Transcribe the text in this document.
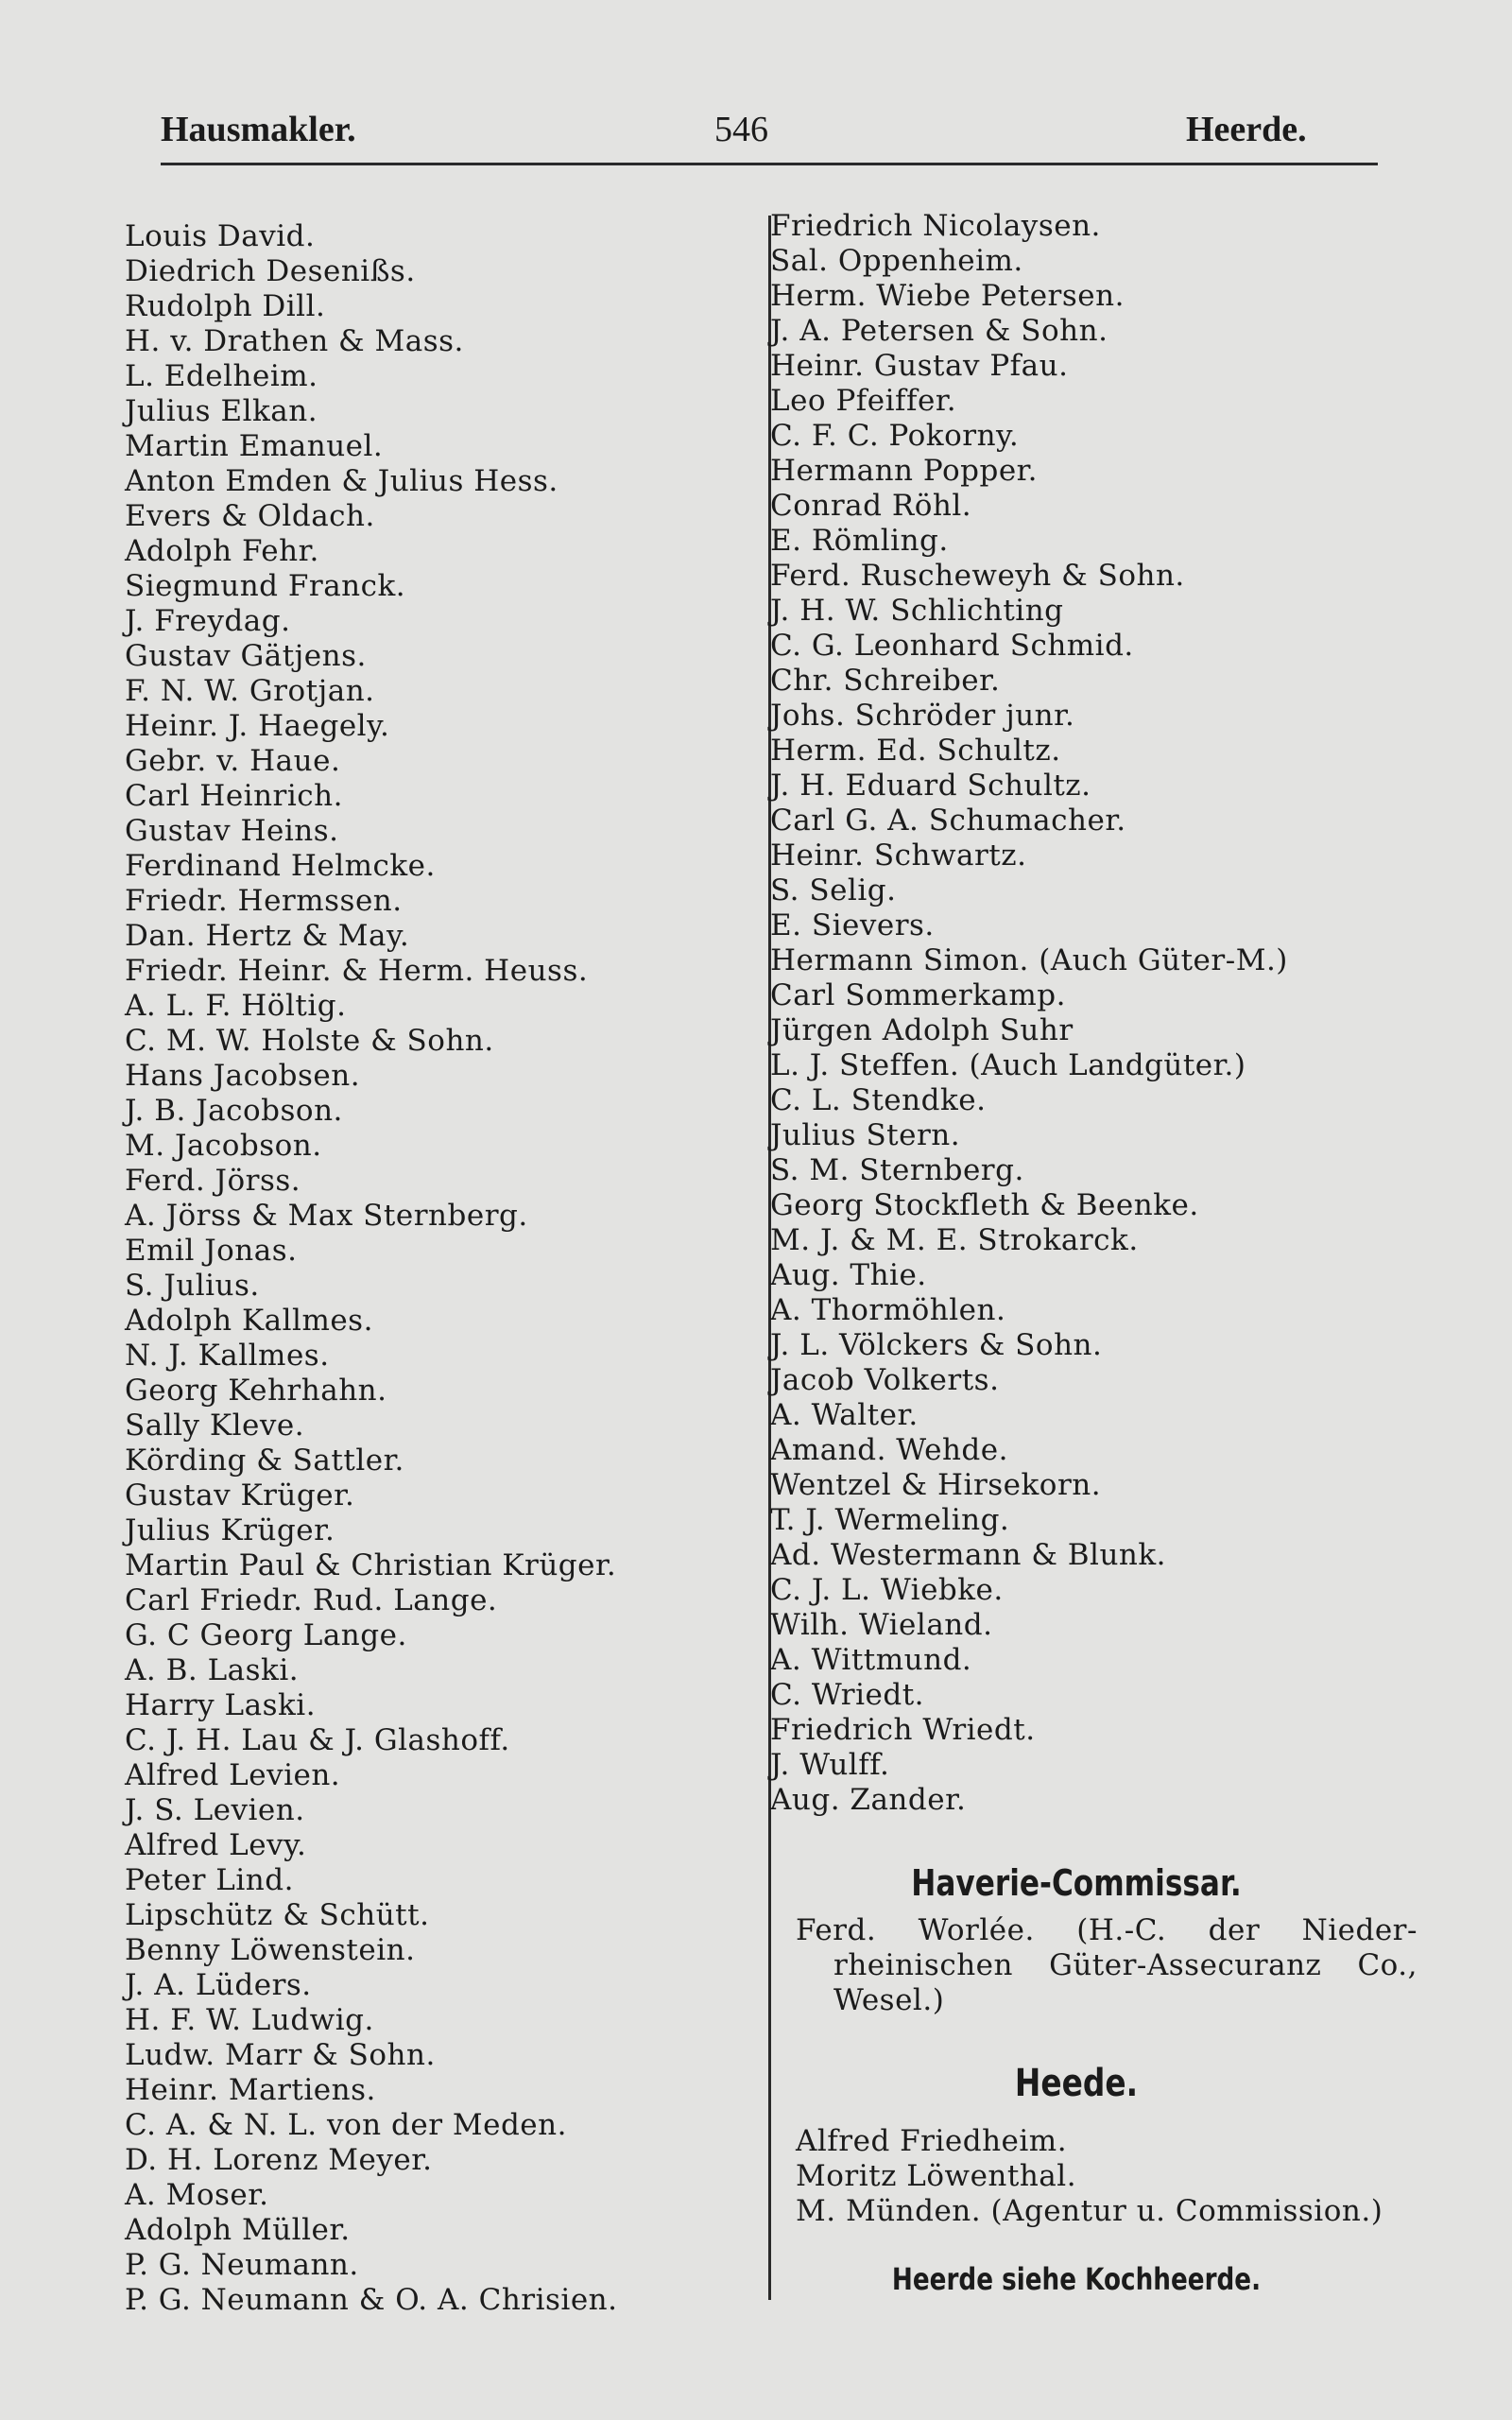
Hausmakler.	546	Heerde.
Louis David.
Diedrich Desenißs.
Rudolph Dill.
H. v. Drathen & Mass.
L. Edelheim.
Julius Elkan.
Martin Emanuel.
Anton Emden & Julius Hess.
Evers & Oldach.
Adolph Fehr.
Siegmund Franck.
J. Freydag.
Gustav Gätjens.
F. N. W. Grotjan.
Heinr. J. Haegely.
Gebr. v. Haue.
Carl Heinrich.
Gustav Heins.
Ferdinand Helmcke.
Friedr. Hermssen.
Dan. Hertz & May.
Friedr. Heinr. & Herm. Heuss.
A. L. F. Höltig.
C. M. W. Holste & Sohn.
Hans Jacobsen.
J. B. Jacobson.
M. Jacobson.
Ferd. Jörss.
A. Jörss & Max Sternberg.
Emil Jonas.
S. Julius.
Adolph Kallmes.
N. J. Kallmes.
Georg Kehrhahn.
Sally Kleve.
Körding & Sattler.
Gustav Krüger.
Julius Krüger.
Martin Paul & Christian Krüger.
Carl Friedr. Rud. Lange.
G. C Georg Lange.
A. B. Laski.
Harry Laski.
C. J. H. Lau & J. Glashoff.
Alfred Levien.
J. S. Levien.
Alfred Levy.
Peter Lind.
Lipschütz & Schütt.
Benny Löwenstein.
J. A. Lüders.
H. F. W. Ludwig.
Ludw. Marr & Sohn.
Heinr. Martiens.
C. A. & N. L. von der Meden.
D. H. Lorenz Meyer.
A. Moser.
Adolph Müller.
P. G. Neumann.
P. G. Neumann & O. A. Chrisien.
Friedrich Nicolaysen.
Sal. Oppenheim.
Herm. Wiebe Petersen.
J. A. Petersen & Sohn.
Heinr. Gustav Pfau.
Leo Pfeiffer.
C. F. C. Pokorny.
Hermann Popper.
Conrad Röhl.
E. Römling.
Ferd. Ruscheweyh & Sohn.
J. H. W. Schlichting
C. G. Leonhard Schmid.
Chr. Schreiber.
Johs. Schröder junr.
Herm. Ed. Schultz.
J. H. Eduard Schultz.
Carl G. A. Schumacher.
Heinr. Schwartz.
S. Selig.
E. Sievers.
Hermann Simon. (Auch Güter-M.)
Carl Sommerkamp.
Jürgen Adolph Suhr
L. J. Steffen. (Auch Landgüter.)
C. L. Stendke.
Julius Stern.
S. M. Sternberg.
Georg Stockfleth & Beenke.
M. J. & M. E. Strokarck.
Aug. Thie.
A. Thormöhlen.
J. L. Völckers & Sohn.
Jacob Volkerts.
A. Walter.
Amand. Wehde.
Wentzel & Hirsekorn.
T. J. Wermeling.
Ad. Westermann & Blunk.
C. J. L. Wiebke.
Wilh. Wieland.
A. Wittmund.
C. Wriedt.
Friedrich Wriedt.
J. Wulff.
Aug. Zander.
Haverie-Commissar.
Ferd. Worlée. (H.-C. der Nieder-
rheinischen Güter-Assecuranz Co.,
Wesel.)
Heede.
Alfred Friedheim.
Moritz Löwenthal.
M. Münden. (Agentur u. Commission.)
Heerde siehe Kochheerde.
